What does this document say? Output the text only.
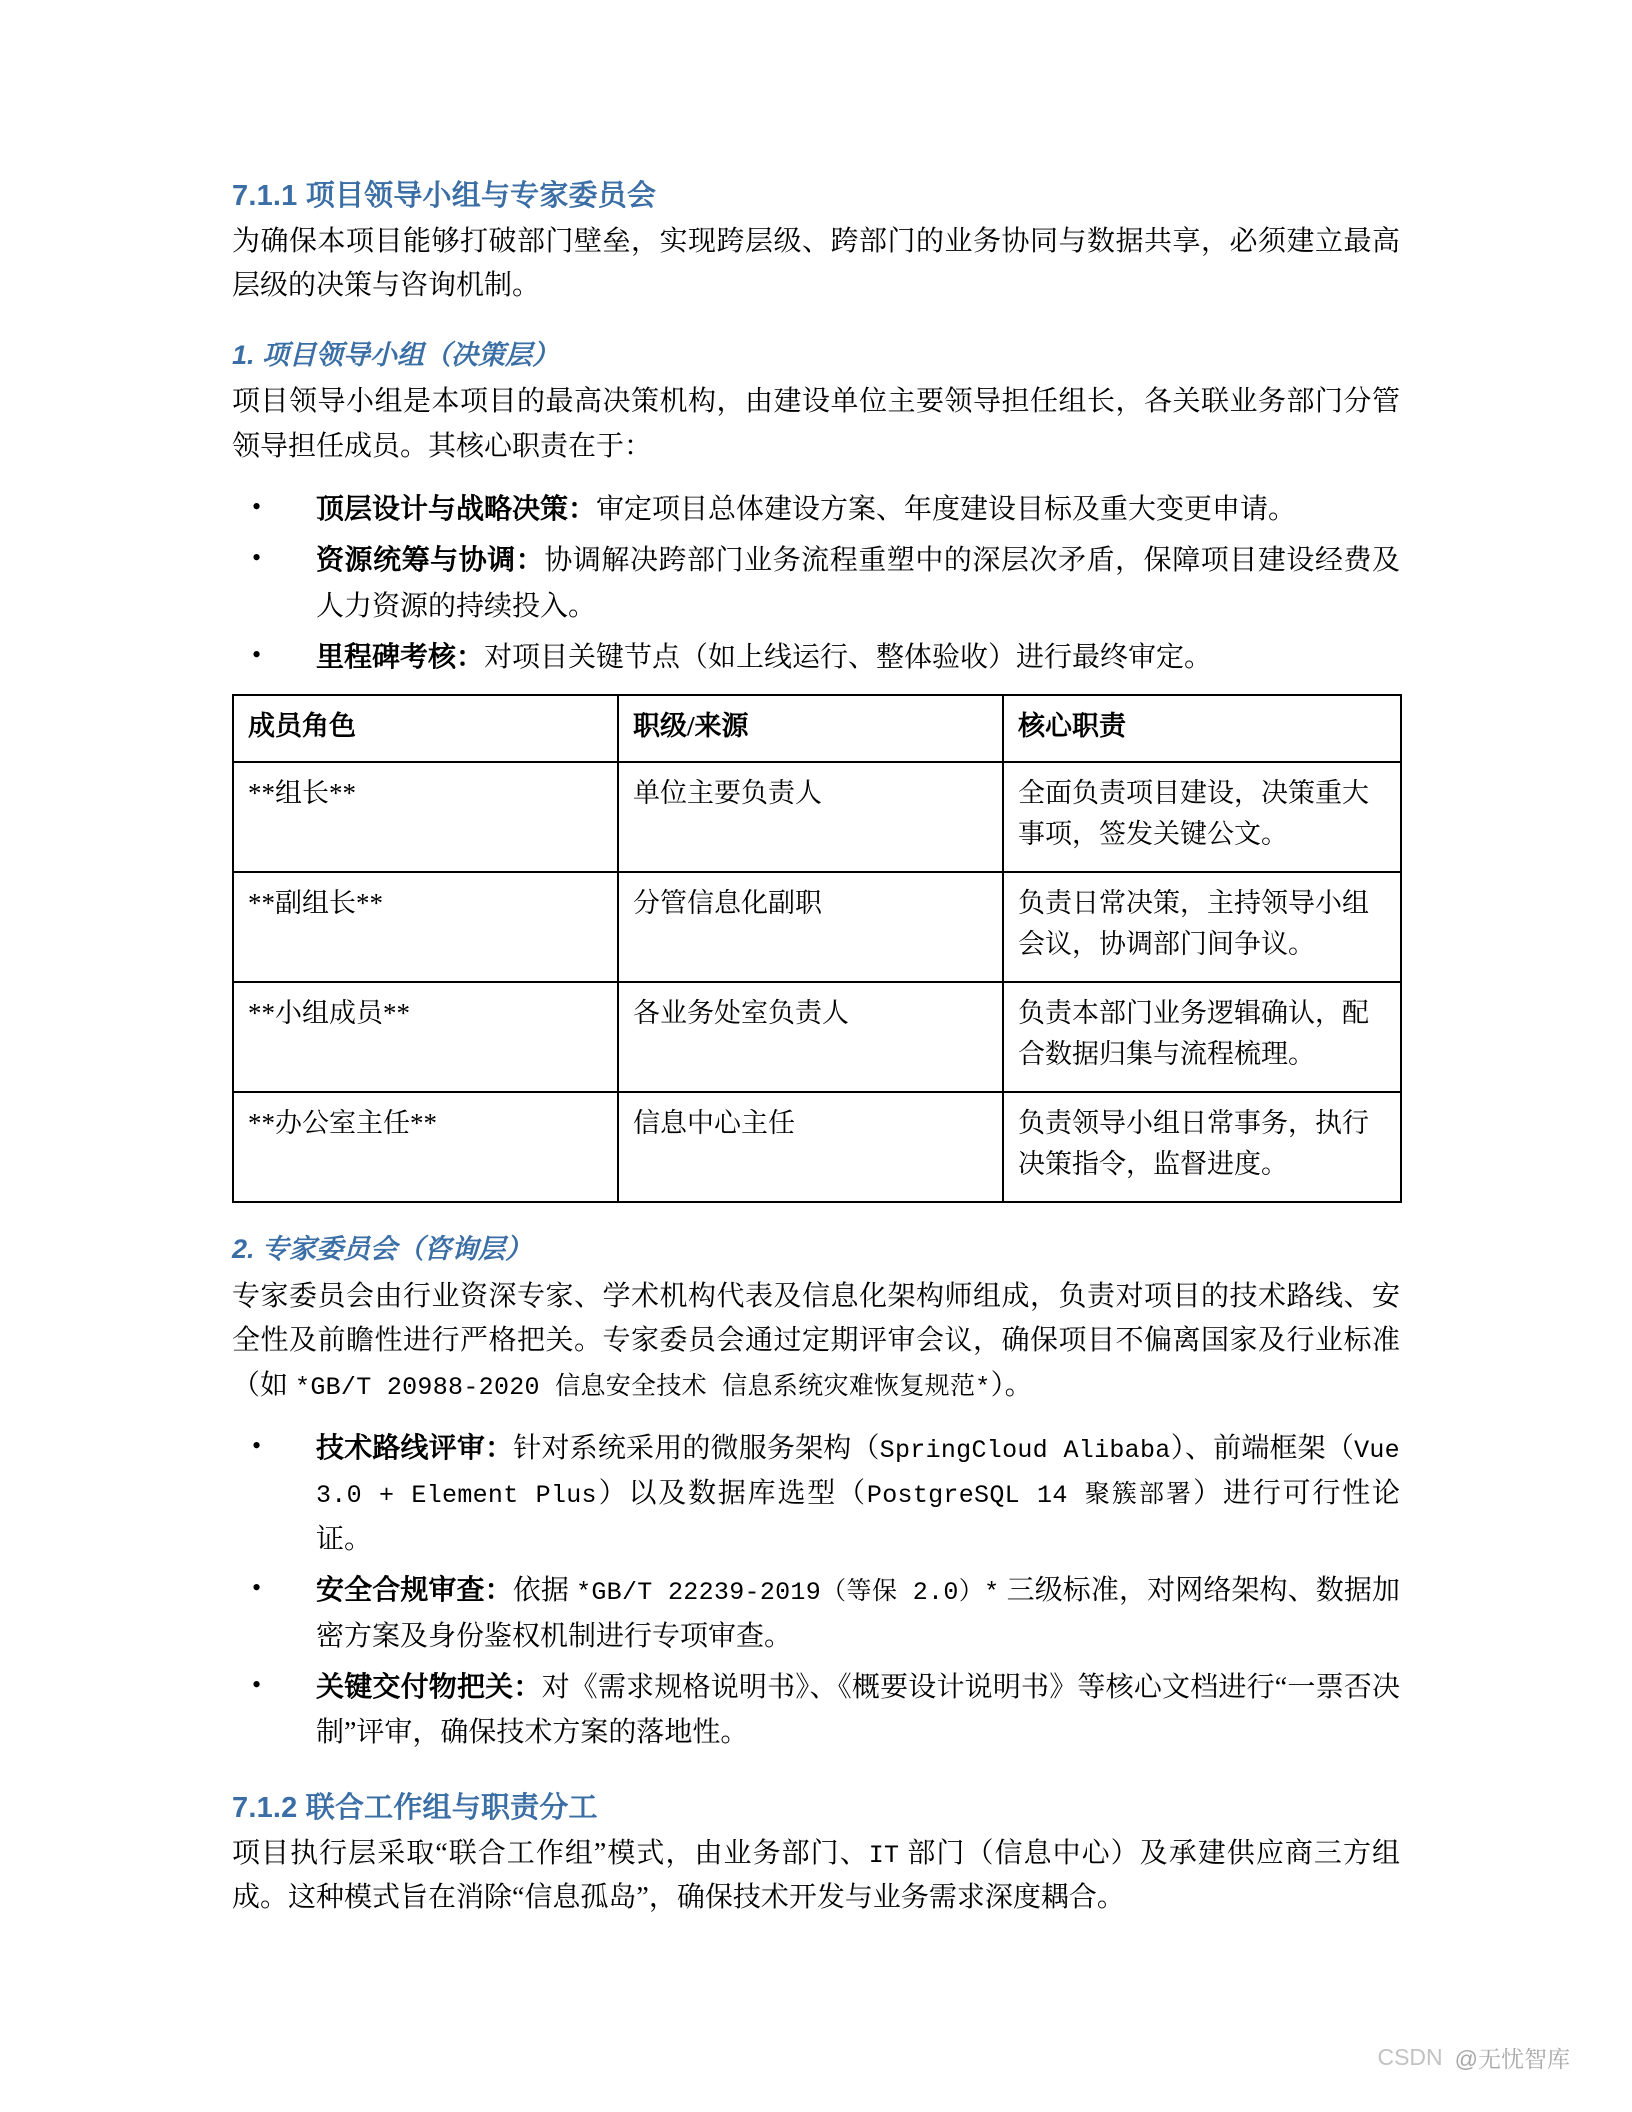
7.1.1 项目领导小组与专家委员会

为确保本项目能够打破部门壁垒，实现跨层级、跨部门的业务协同与数据共享，必须建立最高层级的决策与咨询机制。

1. 项目领导小组（决策层）

项目领导小组是本项目的最高决策机构，由建设单位主要领导担任组长，各关联业务部门分管领导担任成员。其核心职责在于：

• 顶层设计与战略决策：审定项目总体建设方案、年度建设目标及重大变更申请。
• 资源统筹与协调：协调解决跨部门业务流程重塑中的深层次矛盾，保障项目建设经费及人力资源的持续投入。
• 里程碑考核：对项目关键节点（如上线运行、整体验收）进行最终审定。
成员角色	职级/来源	核心职责
**组长**	单位主要负责人	全面负责项目建设，决策重大事项，签发关键公文。
**副组长**	分管信息化副职	负责日常决策，主持领导小组会议，协调部门间争议。
**小组成员**	各业务处室负责人	负责本部门业务逻辑确认，配合数据归集与流程梳理。
**办公室主任**	信息中心主任	负责领导小组日常事务，执行决策指令，监督进度。
2. 专家委员会（咨询层）

专家委员会由行业资深专家、学术机构代表及信息化架构师组成，负责对项目的技术路线、安全性及前瞻性进行严格把关。专家委员会通过定期评审会议，确保项目不偏离国家及行业标准（如 *GB/T 20988-2020 信息安全技术 信息系统灾难恢复规范*）。

• 技术路线评审：针对系统采用的微服务架构（SpringCloud Alibaba）、前端框架（Vue 3.0 + Element Plus）以及数据库选型（PostgreSQL 14 聚簇部署）进行可行性论证。
• 安全合规审查：依据 *GB/T 22239-2019（等保 2.0）* 三级标准，对网络架构、数据加密方案及身份鉴权机制进行专项审查。
• 关键交付物把关：对《需求规格说明书》、《概要设计说明书》等核心文档进行“一票否决制”评审，确保技术方案的落地性。
7.1.2 联合工作组与职责分工

项目执行层采取“联合工作组”模式，由业务部门、IT 部门（信息中心）及承建供应商三方组成。这种模式旨在消除“信息孤岛”，确保技术开发与业务需求深度耦合。

CSDN @无忧智库
